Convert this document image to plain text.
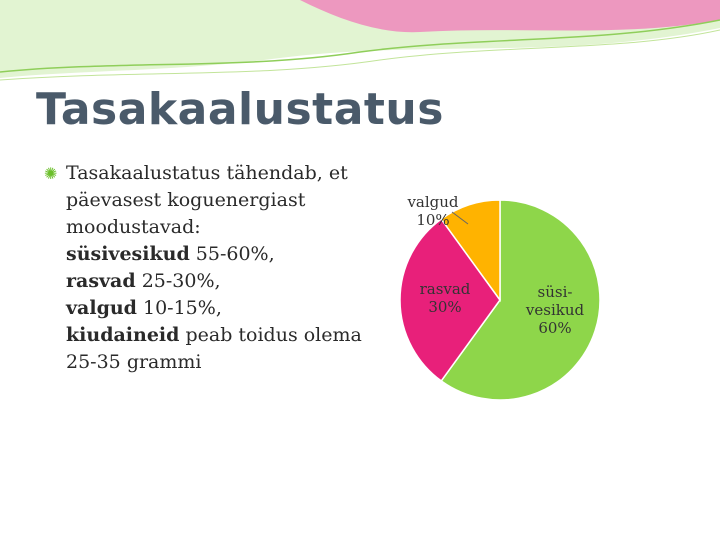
Tasakaalustatus
✺ Tasakaalustatus tähendab, et
päevasest koguenergiast
moodustavad:
süsivesikud 55-60%,
rasvad 25-30%,
valgud 10-15%,
kiudaineid peab toidus olema
25-35 grammi
süsi-vesikud 60%
rasvad 30%
valgud 10%
